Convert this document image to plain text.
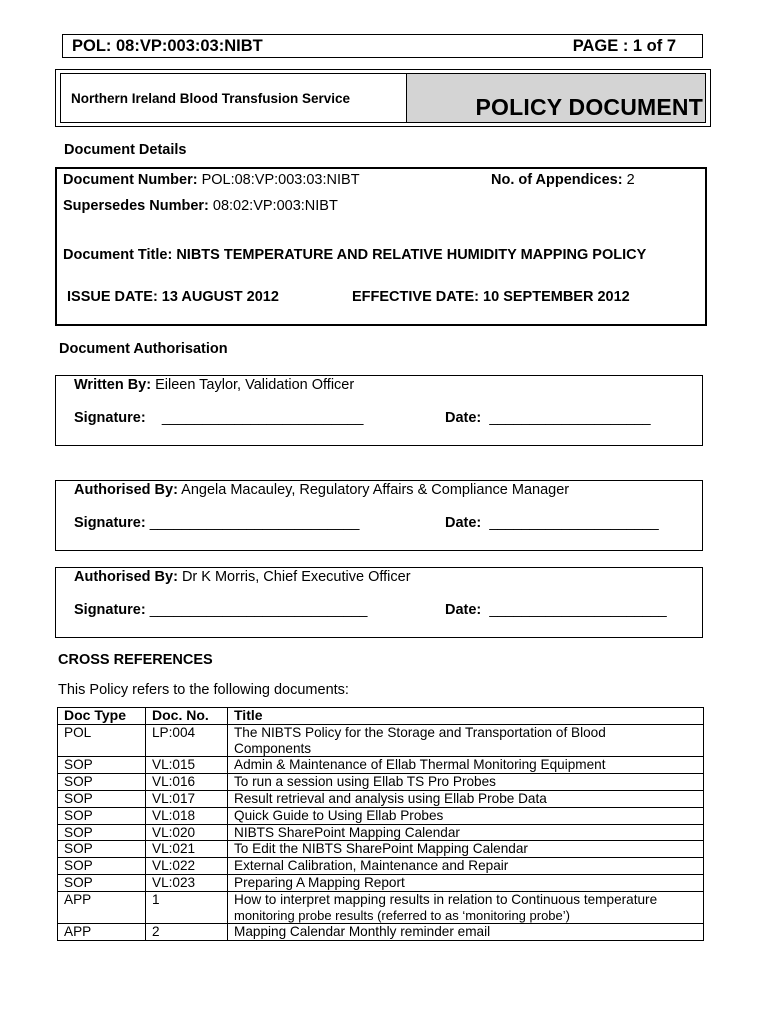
POL: 08:VP:003:03:NIBT	PAGE : 1 of 7
Northern Ireland Blood Transfusion Service	POLICY DOCUMENT
Document Details
Document Number: POL:08:VP:003:03:NIBT	No. of Appendices: 2
Supersedes Number: 08:02:VP:003:NIBT
Document Title: NIBTS TEMPERATURE AND RELATIVE HUMIDITY MAPPING POLICY
ISSUE DATE: 13 AUGUST 2012	EFFECTIVE DATE: 10 SEPTEMBER 2012
Document Authorisation
Written By: Eileen Taylor, Validation Officer
Signature: _________________________	Date: ____________________
Authorised By: Angela Macauley, Regulatory Affairs & Compliance Manager
Signature: __________________________	Date: _____________________
Authorised By: Dr K Morris, Chief Executive Officer
Signature: ___________________________	Date: ______________________
CROSS REFERENCES
This Policy refers to the following documents:
Doc Type	Doc. No.	Title
POL	LP:004	The NIBTS Policy for the Storage and Transportation of Blood
Components
SOP	VL:015	Admin & Maintenance of Ellab Thermal Monitoring Equipment
SOP	VL:016	To run a session using Ellab TS Pro Probes
SOP	VL:017	Result retrieval and analysis using Ellab Probe Data
SOP	VL:018	Quick Guide to Using Ellab Probes
SOP	VL:020	NIBTS SharePoint Mapping Calendar
SOP	VL:021	To Edit the NIBTS SharePoint Mapping Calendar
SOP	VL:022	External Calibration, Maintenance and Repair
SOP	VL:023	Preparing A Mapping Report
APP	1	How to interpret mapping results in relation to Continuous temperature
monitoring probe results (referred to as ‘monitoring probe’)
APP	2	Mapping Calendar Monthly reminder email
